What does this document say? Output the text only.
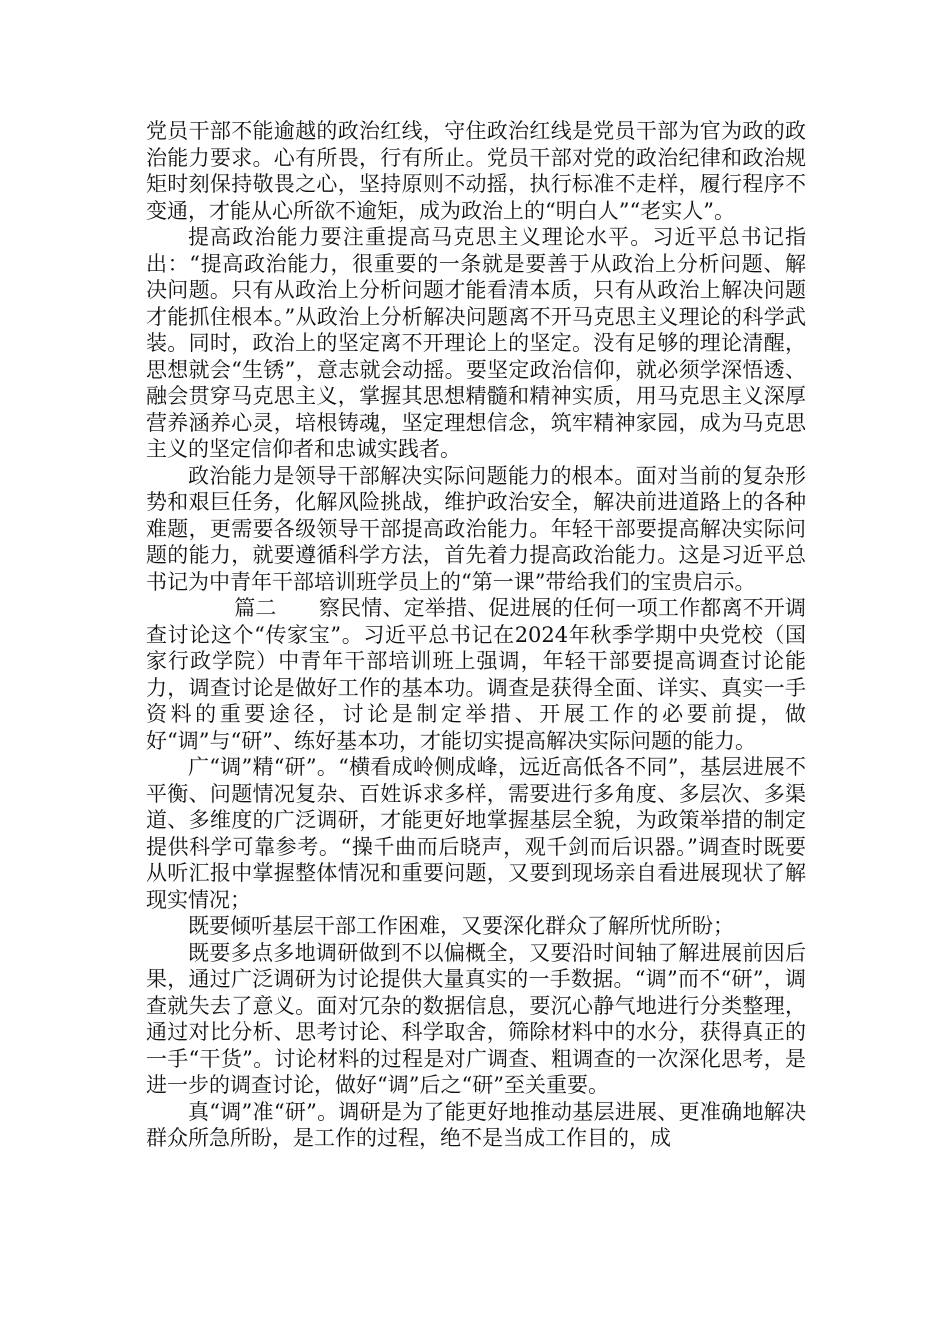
党员干部不能逾越的政治红线，守住政治红线是党员干部为官为政的政治能力要求。心有所畏，行有所止。党员干部对党的政治纪律和政治规矩时刻保持敬畏之心，坚持原则不动摇，执行标准不走样，履行程序不变通，才能从心所欲不逾矩，成为政治上的“明白人”“老实人”。

提高政治能力要注重提高马克思主义理论水平。习近平总书记指出：“提高政治能力，很重要的一条就是要善于从政治上分析问题、解决问题。只有从政治上分析问题才能看清本质，只有从政治上解决问题才能抓住根本。”从政治上分析解决问题离不开马克思主义理论的科学武装。同时，政治上的坚定离不开理论上的坚定。没有足够的理论清醒，思想就会“生锈”，意志就会动摇。要坚定政治信仰，就必须学深悟透、融会贯穿马克思主义，掌握其思想精髓和精神实质，用马克思主义深厚营养涵养心灵，培根铸魂，坚定理想信念，筑牢精神家园，成为马克思主义的坚定信仰者和忠诚实践者。

政治能力是领导干部解决实际问题能力的根本。面对当前的复杂形势和艰巨任务，化解风险挑战，维护政治安全，解决前进道路上的各种难题，更需要各级领导干部提高政治能力。年轻干部要提高解决实际问题的能力，就要遵循科学方法，首先着力提高政治能力。这是习近平总书记为中青年干部培训班学员上的“第一课”带给我们的宝贵启示。

篇二　　察民情、定举措、促进展的任何一项工作都离不开调查讨论这个“传家宝”。习近平总书记在2024年秋季学期中央党校（国家行政学院）中青年干部培训班上强调，年轻干部要提高调查讨论能力，调查讨论是做好工作的基本功。调查是获得全面、详实、真实一手资料的重要途径，讨论是制定举措、开展工作的必要前提，做好“调”与“研”、练好基本功，才能切实提高解决实际问题的能力。

广“调”精“研”。“横看成岭侧成峰，远近高低各不同”，基层进展不平衡、问题情况复杂、百姓诉求多样，需要进行多角度、多层次、多渠道、多维度的广泛调研，才能更好地掌握基层全貌，为政策举措的制定提供科学可靠参考。“操千曲而后晓声，观千剑而后识器。”调查时既要从听汇报中掌握整体情况和重要问题，又要到现场亲自看进展现状了解现实情况；

既要倾听基层干部工作困难，又要深化群众了解所忧所盼；

既要多点多地调研做到不以偏概全，又要沿时间轴了解进展前因后果，通过广泛调研为讨论提供大量真实的一手数据。“调”而不“研”，调查就失去了意义。面对冗杂的数据信息，要沉心静气地进行分类整理，通过对比分析、思考讨论、科学取舍，筛除材料中的水分，获得真正的一手“干货”。讨论材料的过程是对广调查、粗调查的一次深化思考，是进一步的调查讨论，做好“调”后之“研”至关重要。

真“调”准“研”。调研是为了能更好地推动基层进展、更准确地解决群众所急所盼，是工作的过程，绝不是当成工作目的，成
